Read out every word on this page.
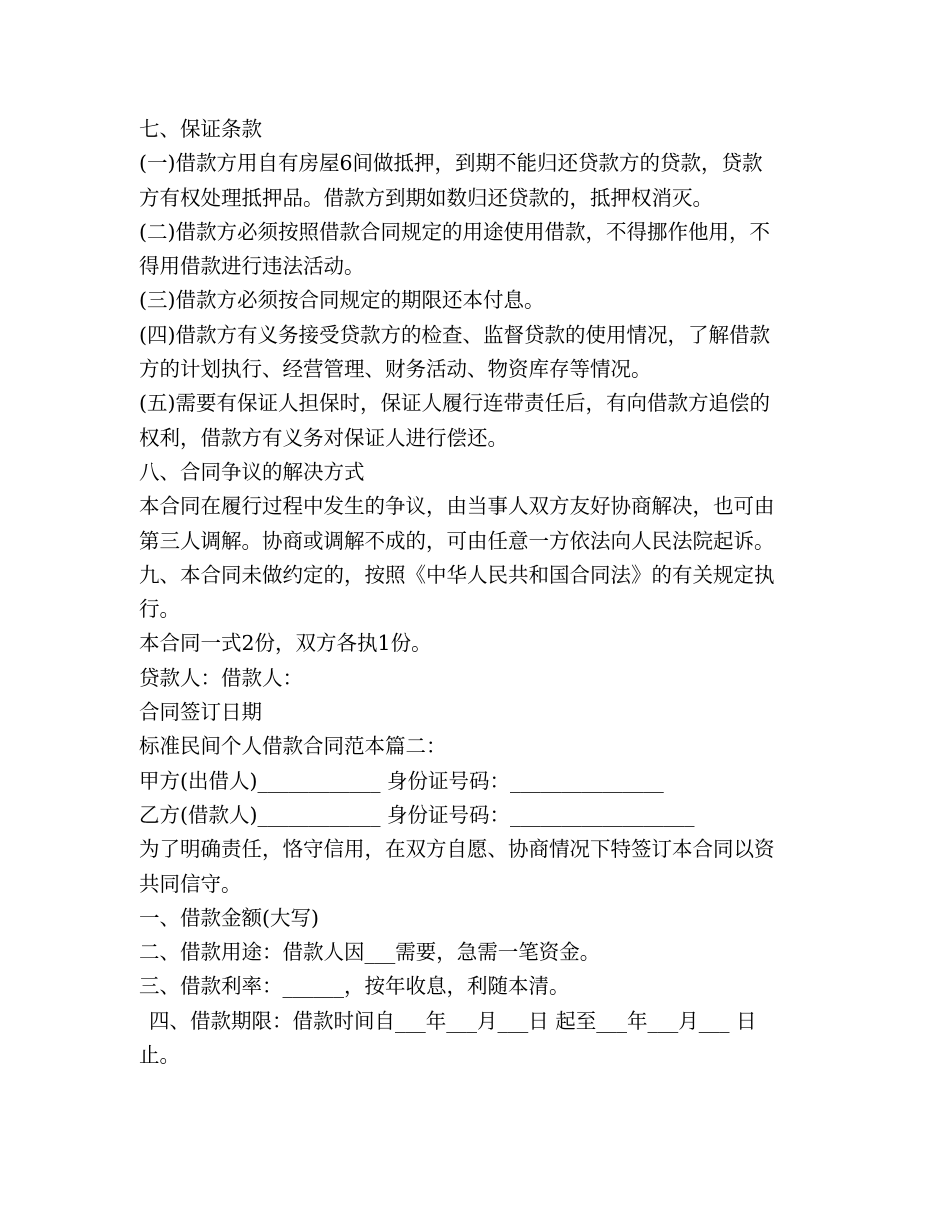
七、保证条款
(一)借款方用自有房屋6间做抵押，到期不能归还贷款方的贷款，贷款
方有权处理抵押品。借款方到期如数归还贷款的，抵押权消灭。
(二)借款方必须按照借款合同规定的用途使用借款，不得挪作他用，不
得用借款进行违法活动。
(三)借款方必须按合同规定的期限还本付息。
(四)借款方有义务接受贷款方的检查、监督贷款的使用情况，了解借款
方的计划执行、经营管理、财务活动、物资库存等情况。
(五)需要有保证人担保时，保证人履行连带责任后，有向借款方追偿的
权利，借款方有义务对保证人进行偿还。
八、合同争议的解决方式
本合同在履行过程中发生的争议，由当事人双方友好协商解决，也可由
第三人调解。协商或调解不成的，可由任意一方依法向人民法院起诉。
九、本合同未做约定的，按照《中华人民共和国合同法》的有关规定执
行。
本合同一式2份，双方各执1份。
贷款人：借款人：
合同签订日期
标准民间个人借款合同范本篇二：
甲方(出借人)____________ 身份证号码：_______________
乙方(借款人)____________ 身份证号码：__________________
为了明确责任，恪守信用，在双方自愿、协商情况下特签订本合同以资
共同信守。
一、借款金额(大写)
二、借款用途：借款人因___需要，急需一笔资金。
三、借款利率：______，按年收息，利随本清。
四、借款期限：借款时间自___年___月___日 起至___年___月___ 日
止。
